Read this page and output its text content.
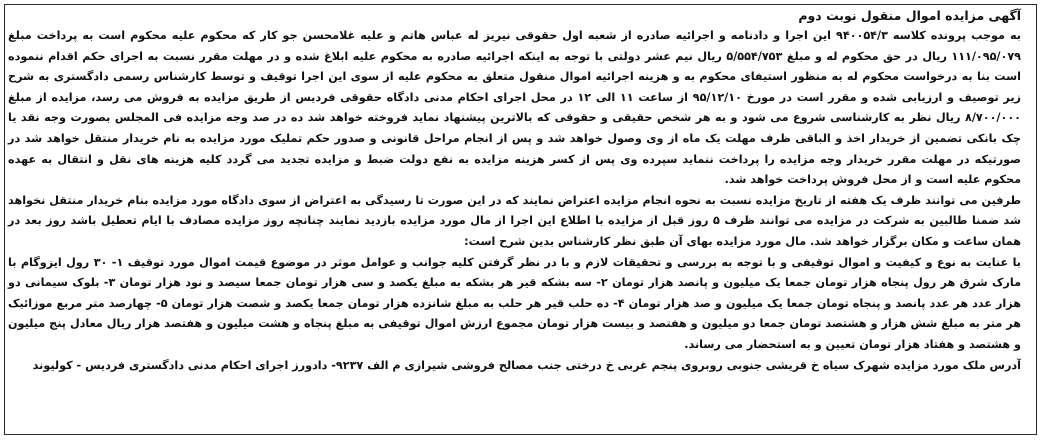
آگهی مزایده اموال منقول نوبت دوم

به موجب پرونده کلاسه ۹۴۰۰۵۴/۳ این اجرا و دادنامه و اجرائیه صادره از شعبه اول حقوقی نیریز له عباس هاتم و علیه غلامحسن جو کار که محکوم علیه محکوم است به پرداخت مبلغ ۱۱۱/۰۹۵/۰۷۹ ریال در حق محکوم له و مبلغ ۵/۵۵۴/۷۵۳ ریال نیم عشر دولتی با توجه به اینکه اجرائیه صادره به محکوم علیه ابلاغ شده و در مهلت مقرر نسبت به اجرای حکم اقدام ننموده است بنا به درخواست محکوم له به منظور استیفای محکوم به و هزینه اجرائیه اموال منقول متعلق به محکوم علیه از سوی این اجرا توقیف و توسط کارشناس رسمی دادگستری به شرح زیر توصیف و ارزیابی شده و مقرر است در مورخ ۹۵/۱۲/۱۰ از ساعت ۱۱ الی ۱۲ در محل اجرای احکام مدنی دادگاه حقوقی فردیس از طریق مزایده به فروش می رسد، مزایده از مبلغ ۸/۷۰۰/۰۰۰ ریال نظر به کارشناسی شروع می شود و به هر شخص حقیقی و حقوقی که بالاترین پیشنهاد نماید فروخته خواهد شد ده در صد وجه مزایده فی المجلس بصورت وجه نقد یا چک بانکی تضمین از خریدار اخذ و الباقی ظرف مهلت یک ماه از وی وصول خواهد شد و پس از انجام مراحل قانونی و صدور حکم تملیک مورد مزایده به نام خریدار منتقل خواهد شد در صورتیکه در مهلت مقرر خریدار وجه مزایده را پرداخت ننماید سپرده وی پس از کسر هزینه مزایده به نفع دولت ضبط و مزایده تجدید می گردد کلیه هزینه های نقل و انتقال به عهده محکوم علیه است و از محل فروش پرداخت خواهد شد.

طرفین می توانند ظرف یک هفته از تاریخ مزایده نسبت به نحوه انجام مزایده اعتراض نمایند که در این صورت تا رسیدگی به اعتراض از سوی دادگاه مورد مزایده بنام خریدار منتقل نخواهد شد ضمنا طالبین به شرکت در مزایده می توانند ظرف ۵ روز قبل از مزایده با اطلاع این اجرا از مال مورد مزایده بازدید نمایند چنانچه روز مزایده مصادف با ایام تعطیل باشد روز بعد در همان ساعت و مکان برگزار خواهد شد. مال مورد مزایده بهای آن طبق نظر کارشناس بدین شرح است:

با عنایت به نوع و کیفیت و اموال توقیفی و با توجه به بررسی و تحقیقات لازم و با در نظر گرفتن کلیه جوانب و عوامل موثر در موضوع قیمت اموال مورد توقیف ۱- ۳۰ رول ایزوگام با مارک شرق هر رول پنجاه هزار تومان جمعا یک میلیون و پانصد هزار تومان ۲- سه بشکه قیر هر بشکه به مبلغ یکصد و سی هزار تومان جمعا سیصد و نود هزار تومان ۳- بلوک سیمانی دو هزار عدد هر عدد پانصد و پنجاه تومان جمعا یک میلیون و صد هزار تومان ۴- ده حلب قیر هر حلب به مبلغ شانزده هزار تومان جمعا یکصد و شصت هزار تومان ۵- چهارصد متر مربع موزائیک هر متر به مبلغ شش هزار و هشتصد تومان جمعا دو میلیون و هفتصد و بیست هزار تومان مجموع ارزش اموال توقیفی به مبلغ پنجاه و هشت میلیون و هفتصد هزار ریال معادل پنج میلیون و هشتصد و هفتاد هزار تومان تعیین و به استحضار می رساند.

آدرس ملک مورد مزایده شهرک سیاه خ قریشی جنوبی روبروی پنجم غربی خ درختی جنب مصالح فروشی شیرازی م الف ۹۲۳۷- دادورز اجرای احکام مدنی دادگستری فردیس - کولیوند
